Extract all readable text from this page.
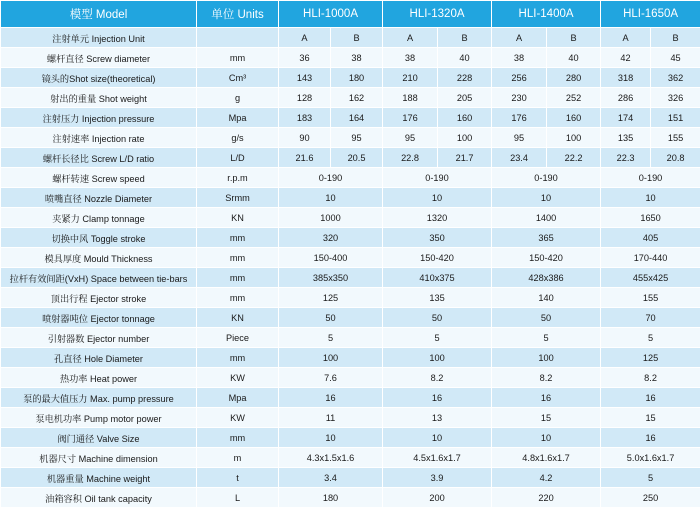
模型 Model	单位 Units	HLI-1000A		HLI-1320A		HLI-1400A		HLI-1650A	
注射单元 Injection Unit		A	B	A	B	A	B	A	B
螺杆直径 Screw diameter	mm	36	38	38	40	38	40	42	45
镜头的Shot size(theoretical)	Cm³	143	180	210	228	256	280	318	362
射出的重量 Shot weight	g	128	162	188	205	230	252	286	326
注射压力 Injection pressure	Mpa	183	164	176	160	176	160	174	151
注射速率 Injection rate	g/s	90	95	95	100	95	100	135	155
螺杆长径比 Screw L/D ratio	L/D	21.6	20.5	22.8	21.7	23.4	22.2	22.3	20.8
螺杆转速 Screw speed	r.p.m	0-190		0-190		0-190		0-190	
喷嘴直径 Nozzle Diameter	Srmm	10		10		10		10	
夹紧力 Clamp tonnage	KN	1000		1320		1400		1650	
切换中风 Toggle stroke	mm	320		350		365		405	
模具厚度 Mould Thickness	mm	150-400		150-420		150-420		170-440	
拉杆有效间距(VxH) Space between tie-bars	mm	385x350		410x375		428x386		455x425	
顶出行程 Ejector stroke	mm	125		135		140		155	
喷射器吨位 Ejector tonnage	KN	50		50		50		70	
引射器数 Ejector number	Piece	5		5		5		5	
孔直径 Hole Diameter	mm	100		100		100		125	
热功率 Heat power	KW	7.6		8.2		8.2		8.2	
泵的最大值压力 Max. pump pressure	Mpa	16		16		16		16	
泵电机功率 Pump motor power	KW	11		13		15		15	
阀门通径 Valve Size	mm	10		10		10		16	
机器尺寸 Machine dimension	m	4.3x1.5x1.6		4.5x1.6x1.7		4.8x1.6x1.7		5.0x1.6x1.7	
机器重量 Machine weight	t	3.4		3.9		4.2		5	
油箱容积 Oil tank capacity	L	180		200		220		250	
